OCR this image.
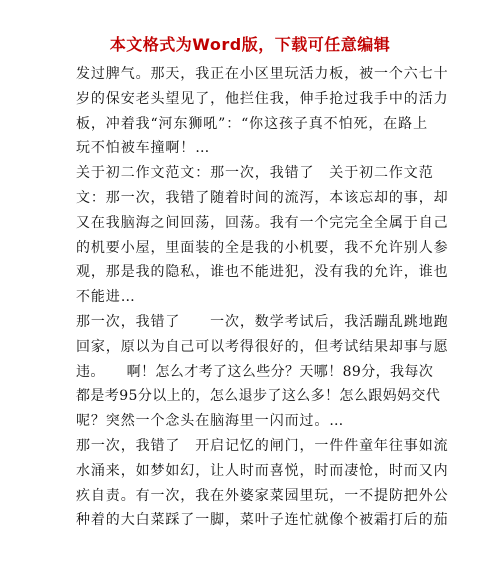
本文格式为Word版，下载可任意编辑
发过脾气。那天，我正在小区里玩活力板，被一个六七十
岁的保安老头望见了，他拦住我，伸手抢过我手中的活力
板，冲着我“河东狮吼”：“你这孩子真不怕死，在路上
玩不怕被车撞啊！…
关于初二作文范文：那一次，我错了　关于初二作文范
文：那一次，我错了随着时间的流泻，本该忘却的事，却
又在我脑海之间回荡，回荡。我有一个完完全全属于自己
的机要小屋，里面装的全是我的小机要，我不允许别人参
观，那是我的隐私，谁也不能进犯，没有我的允许，谁也
不能进…
那一次，我错了　　一次，数学考试后，我活蹦乱跳地跑
回家，原以为自己可以考得很好的，但考试结果却事与愿
违。　　啊！怎么才考了这么些分？天哪！89分，我每次
都是考95分以上的，怎么退步了这么多！怎么跟妈妈交代
呢？突然一个念头在脑海里一闪而过。…
那一次，我错了　开启记忆的闸门，一件件童年往事如流
水涌来，如梦如幻，让人时而喜悦，时而凄怆，时而又内
疚自责。有一次，我在外婆家菜园里玩，一不提防把外公
种着的大白菜踩了一脚，菜叶子连忙就像个被霜打后的茄
